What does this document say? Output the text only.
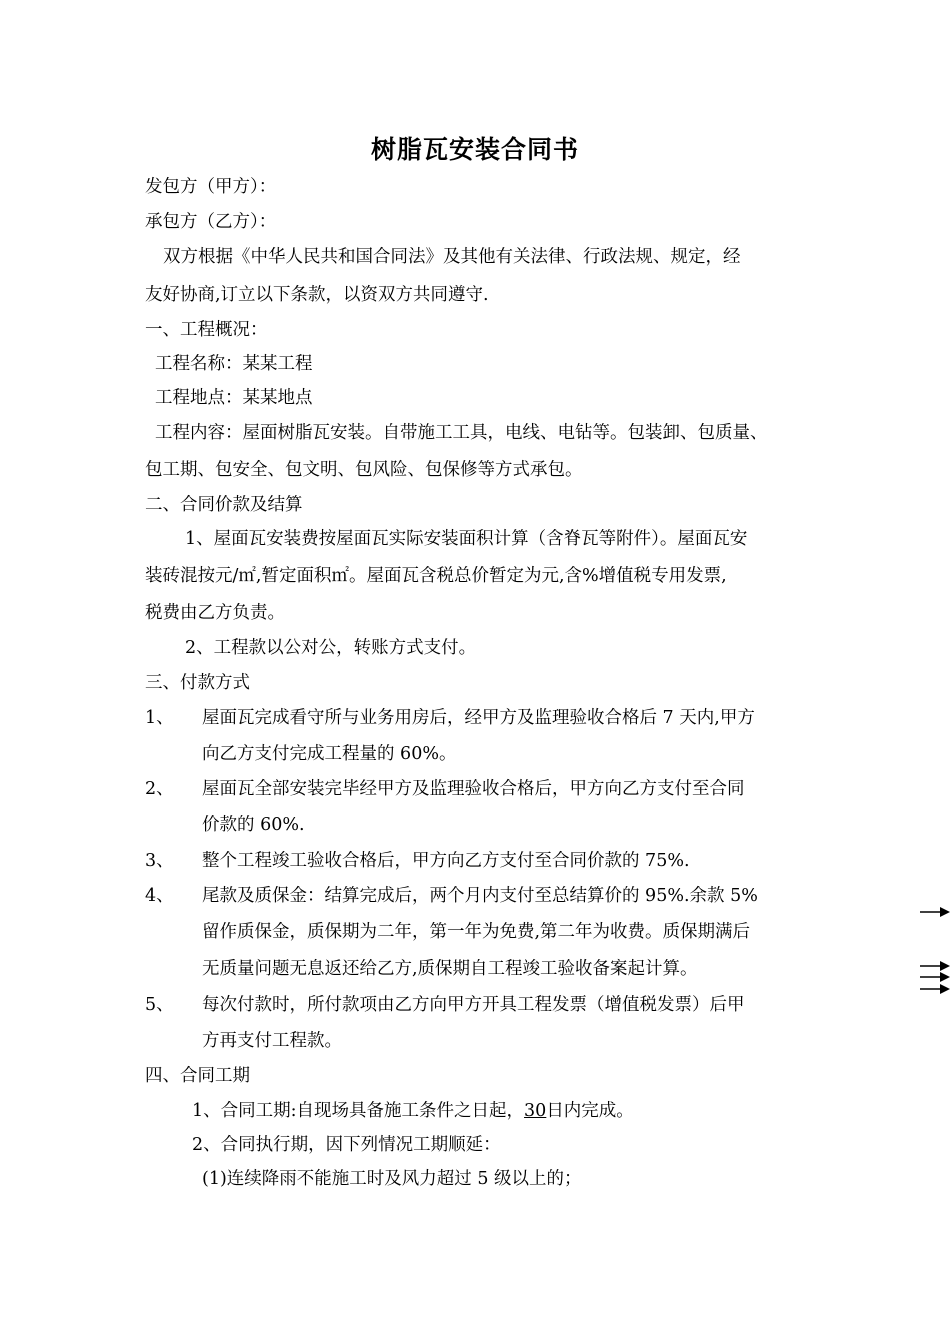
树脂瓦安装合同书
发包方（甲方）：
承包方（乙方）：
双方根据《中华人民共和国合同法》及其他有关法律、行政法规、规定，经
友好协商,订立以下条款，以资双方共同遵守.
一、工程概况：
工程名称：某某工程
工程地点：某某地点
工程内容：屋面树脂瓦安装。自带施工工具，电线、电钻等。包装卸、包质量、
包工期、包安全、包文明、包风险、包保修等方式承包。
二、合同价款及结算
1、屋面瓦安装费按屋面瓦实际安装面积计算（含脊瓦等附件）。屋面瓦安
装砖混按元/㎡,暂定面积㎡。屋面瓦含税总价暂定为元,含%增值税专用发票,
税费由乙方负责。
2、工程款以公对公，转账方式支付。
三、付款方式
1、 屋面瓦完成看守所与业务用房后，经甲方及监理验收合格后 7 天内,甲方
向乙方支付完成工程量的 60%。
2、 屋面瓦全部安装完毕经甲方及监理验收合格后，甲方向乙方支付至合同
价款的 60%.
3、 整个工程竣工验收合格后，甲方向乙方支付至合同价款的 75%.
4、 尾款及质保金：结算完成后，两个月内支付至总结算价的 95%.余款 5%
留作质保金，质保期为二年，第一年为免费,第二年为收费。质保期满后
无质量问题无息返还给乙方,质保期自工程竣工验收备案起计算。
5、 每次付款时，所付款项由乙方向甲方开具工程发票（增值税发票）后甲
方再支付工程款。
四、合同工期
1、合同工期:自现场具备施工条件之日起，30日内完成。
2、合同执行期，因下列情况工期顺延：
(1)连续降雨不能施工时及风力超过 5 级以上的；
